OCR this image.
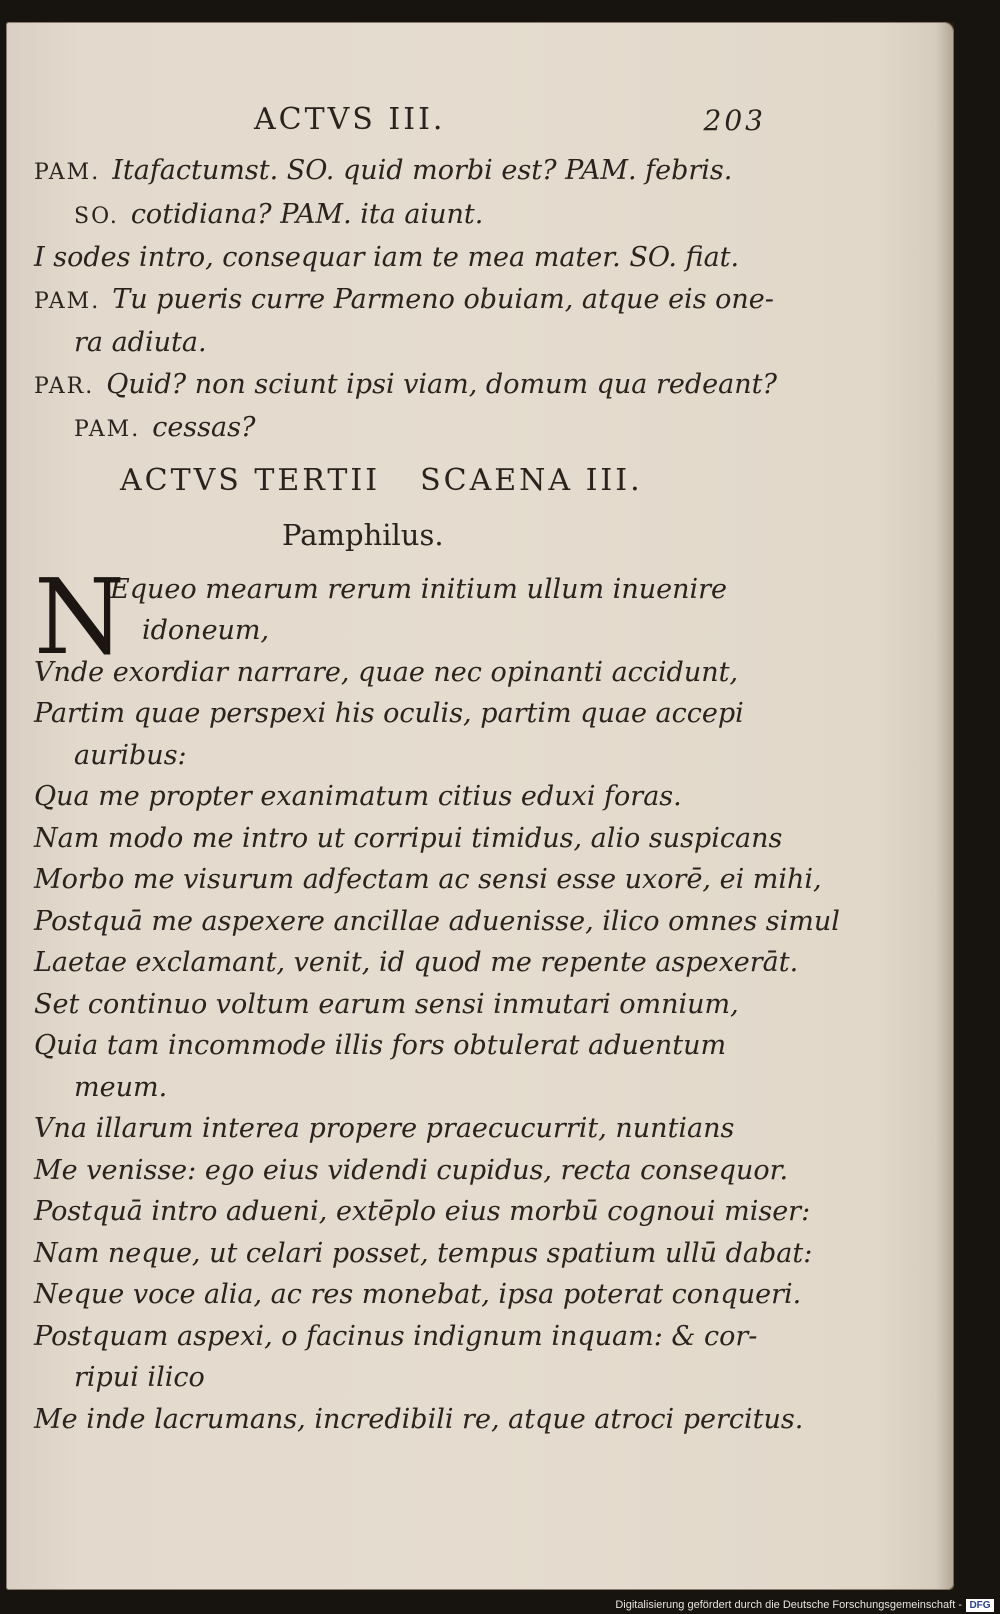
ACTVS III.	203
PAM. Itafactumst. SO. quid morbi est? PAM. febris.
SO. cotidiana? PAM. ita aiunt.
I sodes intro, consequar iam te mea mater. SO. fiat.
PAM. Tu pueris curre Parmeno obuiam, atque eis one-
ra adiuta.
PAR. Quid? non sciunt ipsi viam, domum qua redeant?
PAM. cessas?
ACTVS TERTII SCAENA III.
Pamphilus.
N
Equeo mearum rerum initium ullum inuenire
idoneum,
Vnde exordiar narrare, quae nec opinanti accidunt,
Partim quae perspexi his oculis, partim quae accepi
auribus:
Qua me propter exanimatum citius eduxi foras.
Nam modo me intro ut corripui timidus, alio suspicans
Morbo me visurum adfectam ac sensi esse uxorē, ei mihi,
Postquā me aspexere ancillae aduenisse, ilico omnes simul
Laetae exclamant, venit, id quod me repente aspexerāt.
Set continuo voltum earum sensi inmutari omnium,
Quia tam incommode illis fors obtulerat aduentum
meum.
Vna illarum interea propere praecucurrit, nuntians
Me venisse: ego eius videndi cupidus, recta consequor.
Postquā intro adueni, extēplo eius morbū cognoui miser:
Nam neque, ut celari posset, tempus spatium ullū dabat:
Neque voce alia, ac res monebat, ipsa poterat conqueri.
Postquam aspexi, o facinus indignum inquam: & cor-
ripui ilico
Me inde lacrumans, incredibili re, atque atroci percitus.
Digitalisierung gefördert durch die Deutsche Forschungsgemeinschaft - DFG
